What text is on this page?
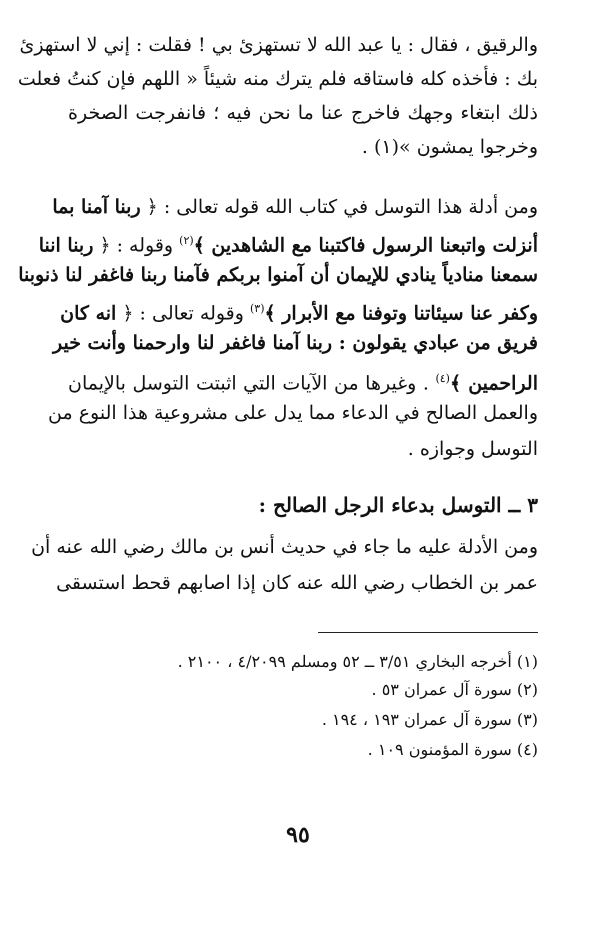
والرقيق ، فقال : يا عبد الله لا تستهزئ بي ! فقلت : إني لا استهزئ
بك : فأخذه كله فاستاقه فلم يترك منه شيئاً « اللهم فإن كنتُ فعلت
ذلك ابتغاء وجهك فاخرج عنا ما نحن فيه ؛ فانفرجت الصخرة
وخرجوا يمشون »(١) .
ومن أدلة هذا التوسل في كتاب الله قوله تعالى : ﴿ ربنا آمنا بما
أنزلت واتبعنا الرسول فاكتبنا مع الشاهدين ﴾$^{(٢)}$ وقوله : ﴿ ربنا اننا
سمعنا منادياً ينادي للإيمان أن آمنوا بربكم فآمنا ربنا فاغفر لنا ذنوبنا
وكفر عنا سيئاتنا وتوفنا مع الأبرار ﴾$^{(٣)}$ وقوله تعالى : ﴿ انه كان
فريق من عبادي يقولون : ربنا آمنا فاغفر لنا وارحمنا وأنت خير
الراحمين ﴾$^{(٤)}$ . وغيرها من الآيات التي اثبتت التوسل بالإيمان
والعمل الصالح في الدعاء مما يدل على مشروعية هذا النوع من
التوسل وجوازه .
٣ ــ التوسل بدعاء الرجل الصالح :
ومن الأدلة عليه ما جاء في حديث أنس بن مالك رضي الله عنه أن
عمر بن الخطاب رضي الله عنه كان إذا اصابهم قحط استسقى
(١) أخرجه البخاري ٣/٥١ ــ ٥٢ ومسلم ٤/٢٠٩٩ ، ٢١٠٠ .
(٢) سورة آل عمران ٥٣ .
(٣) سورة آل عمران ١٩٣ ، ١٩٤ .
(٤) سورة المؤمنون ١٠٩ .
٩٥
